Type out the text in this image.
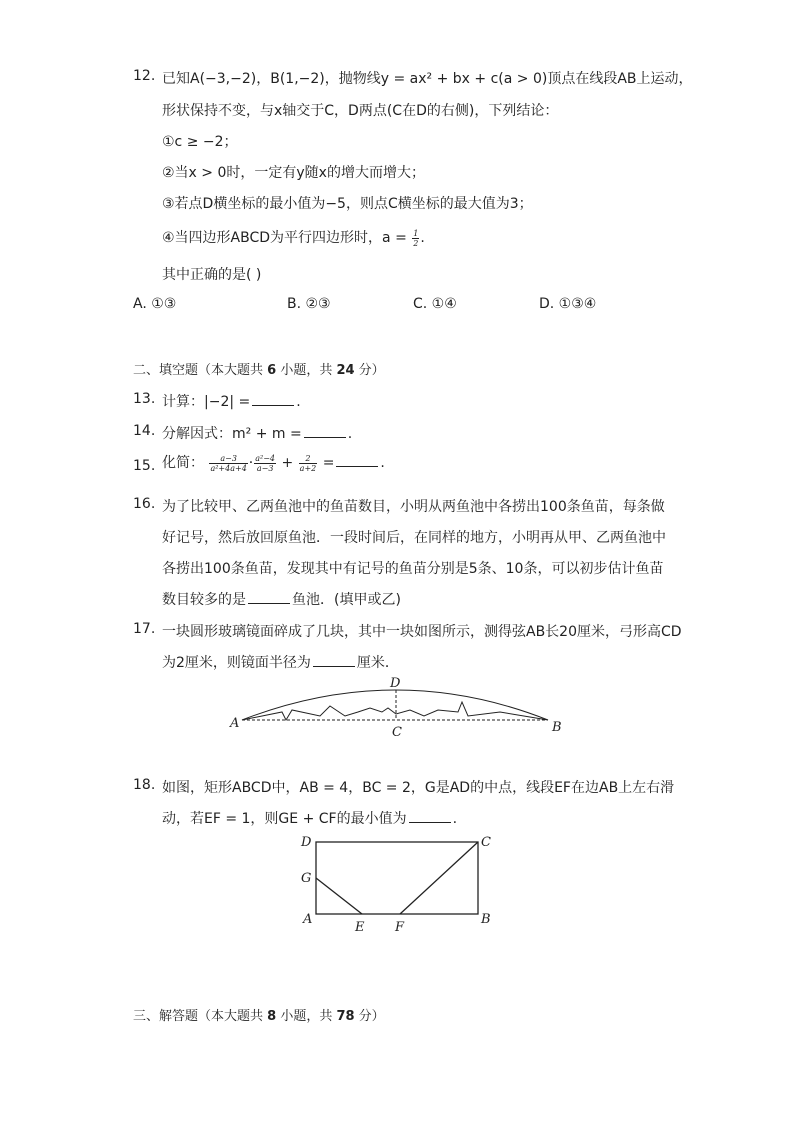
12. 已知A(−3,−2)，B(1,−2)，抛物线y = ax² + bx + c(a > 0)顶点在线段AB上运动，
形状保持不变，与x轴交于C，D两点(C在D的右侧)，下列结论：
①c ≥ −2；
②当x > 0时，一定有y随x的增大而增大；
③若点D横坐标的最小值为−5，则点C横坐标的最大值为3；
④当四边形ABCD为平行四边形时，$a = \frac{1}{2}$ .
其中正确的是( )
A. ①③	B. ②③	C. ①④	D. ①③④
二、填空题（本大题共 6 小题，共 24 分）
13. 计算：|−2| =	.
14. 分解因式：m² + m =	.
15. 化简： $\frac{a-3}{\text{a²+4a+4}} \cdot \frac{\text{a²−4}}{a-3} + \frac{2}{a+2}$ =	.
16. 为了比较甲、乙两鱼池中的鱼苗数目，小明从两鱼池中各捞出100条鱼苗，每条做
好记号，然后放回原鱼池．一段时间后，在同样的地方，小明再从甲、乙两鱼池中
各捞出100条鱼苗，发现其中有记号的鱼苗分别是5条、10条，可以初步估计鱼苗
数目较多的是	鱼池．(填甲或乙)
17. 一块圆形玻璃镜面碎成了几块，其中一块如图所示，测得弦AB长20厘米，弓形高CD
为2厘米，则镜面半径为	厘米．
A	B
C
D
D	C
G
A	B
E F
18. 如图，矩形ABCD中，AB = 4，BC = 2，G是AD的中点，线段EF在边AB上左右滑
动，若EF = 1，则GE + CF的最小值为	.
三、解答题（本大题共 8 小题，共 78 分）
